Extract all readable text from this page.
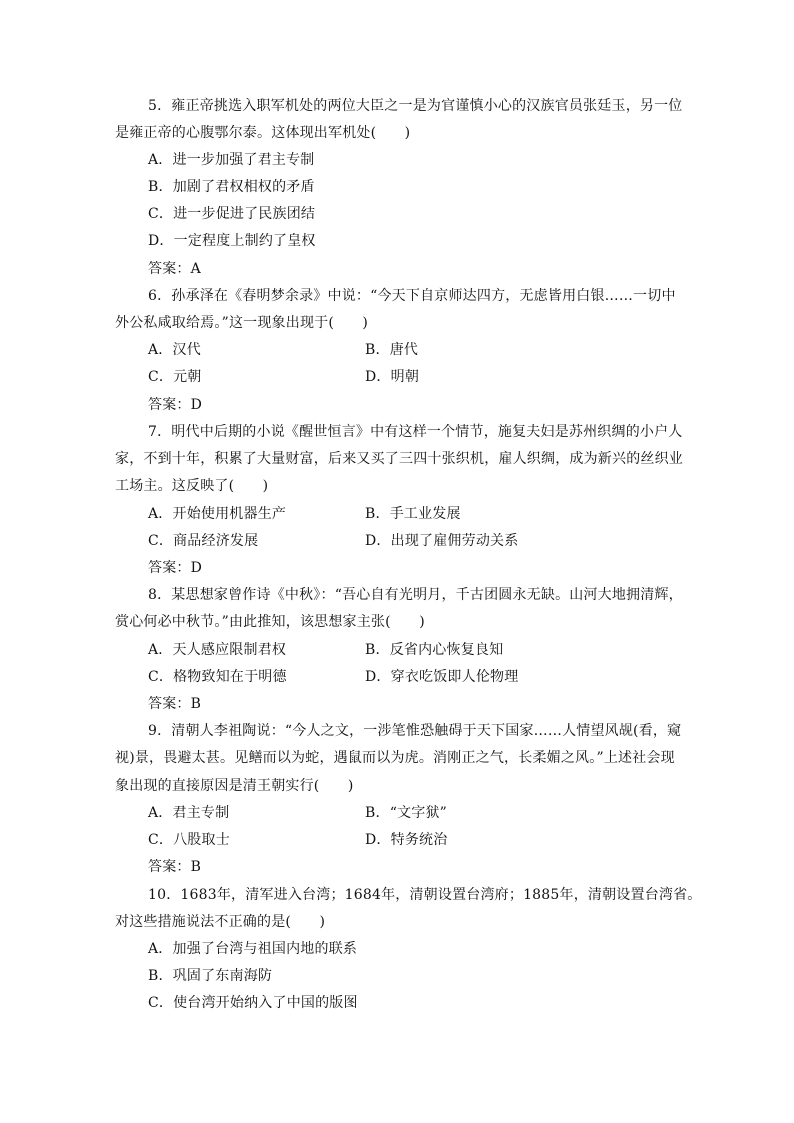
5．雍正帝挑选入职军机处的两位大臣之一是为官谨慎小心的汉族官员张廷玉，另一位
是雍正帝的心腹鄂尔泰。这体现出军机处(　　)
A．进一步加强了君主专制
B．加剧了君权相权的矛盾
C．进一步促进了民族团结
D．一定程度上制约了皇权
答案：A
6．孙承泽在《春明梦余录》中说：“今天下自京师达四方，无虑皆用白银……一切中
外公私咸取给焉。”这一现象出现于(　　)
A．汉代	B．唐代
C．元朝	D．明朝
答案：D
7．明代中后期的小说《醒世恒言》中有这样一个情节，施复夫妇是苏州织绸的小户人
家，不到十年，积累了大量财富，后来又买了三四十张织机，雇人织绸，成为新兴的丝织业
工场主。这反映了(　　)
A．开始使用机器生产	B．手工业发展
C．商品经济发展	D．出现了雇佣劳动关系
答案：D
8．某思想家曾作诗《中秋》：“吾心自有光明月，千古团圆永无缺。山河大地拥清辉，
赏心何必中秋节。”由此推知，该思想家主张(　　)
A．天人感应限制君权	B．反省内心恢复良知
C．格物致知在于明德	D．穿衣吃饭即人伦物理
答案：B
9．清朝人李祖陶说：“今人之文，一涉笔惟恐触碍于天下国家……人情望风觇(看，窥
视)景，畏避太甚。见鳝而以为蛇，遇鼠而以为虎。消刚正之气，长柔媚之风。”上述社会现
象出现的直接原因是清王朝实行(　　)
A．君主专制	B．“文字狱”
C．八股取士	D．特务统治
答案：B
10．1683年，清军进入台湾；1684年，清朝设置台湾府；1885年，清朝设置台湾省。
对这些措施说法不正确的是(　　)
A．加强了台湾与祖国内地的联系
B．巩固了东南海防
C．使台湾开始纳入了中国的版图
